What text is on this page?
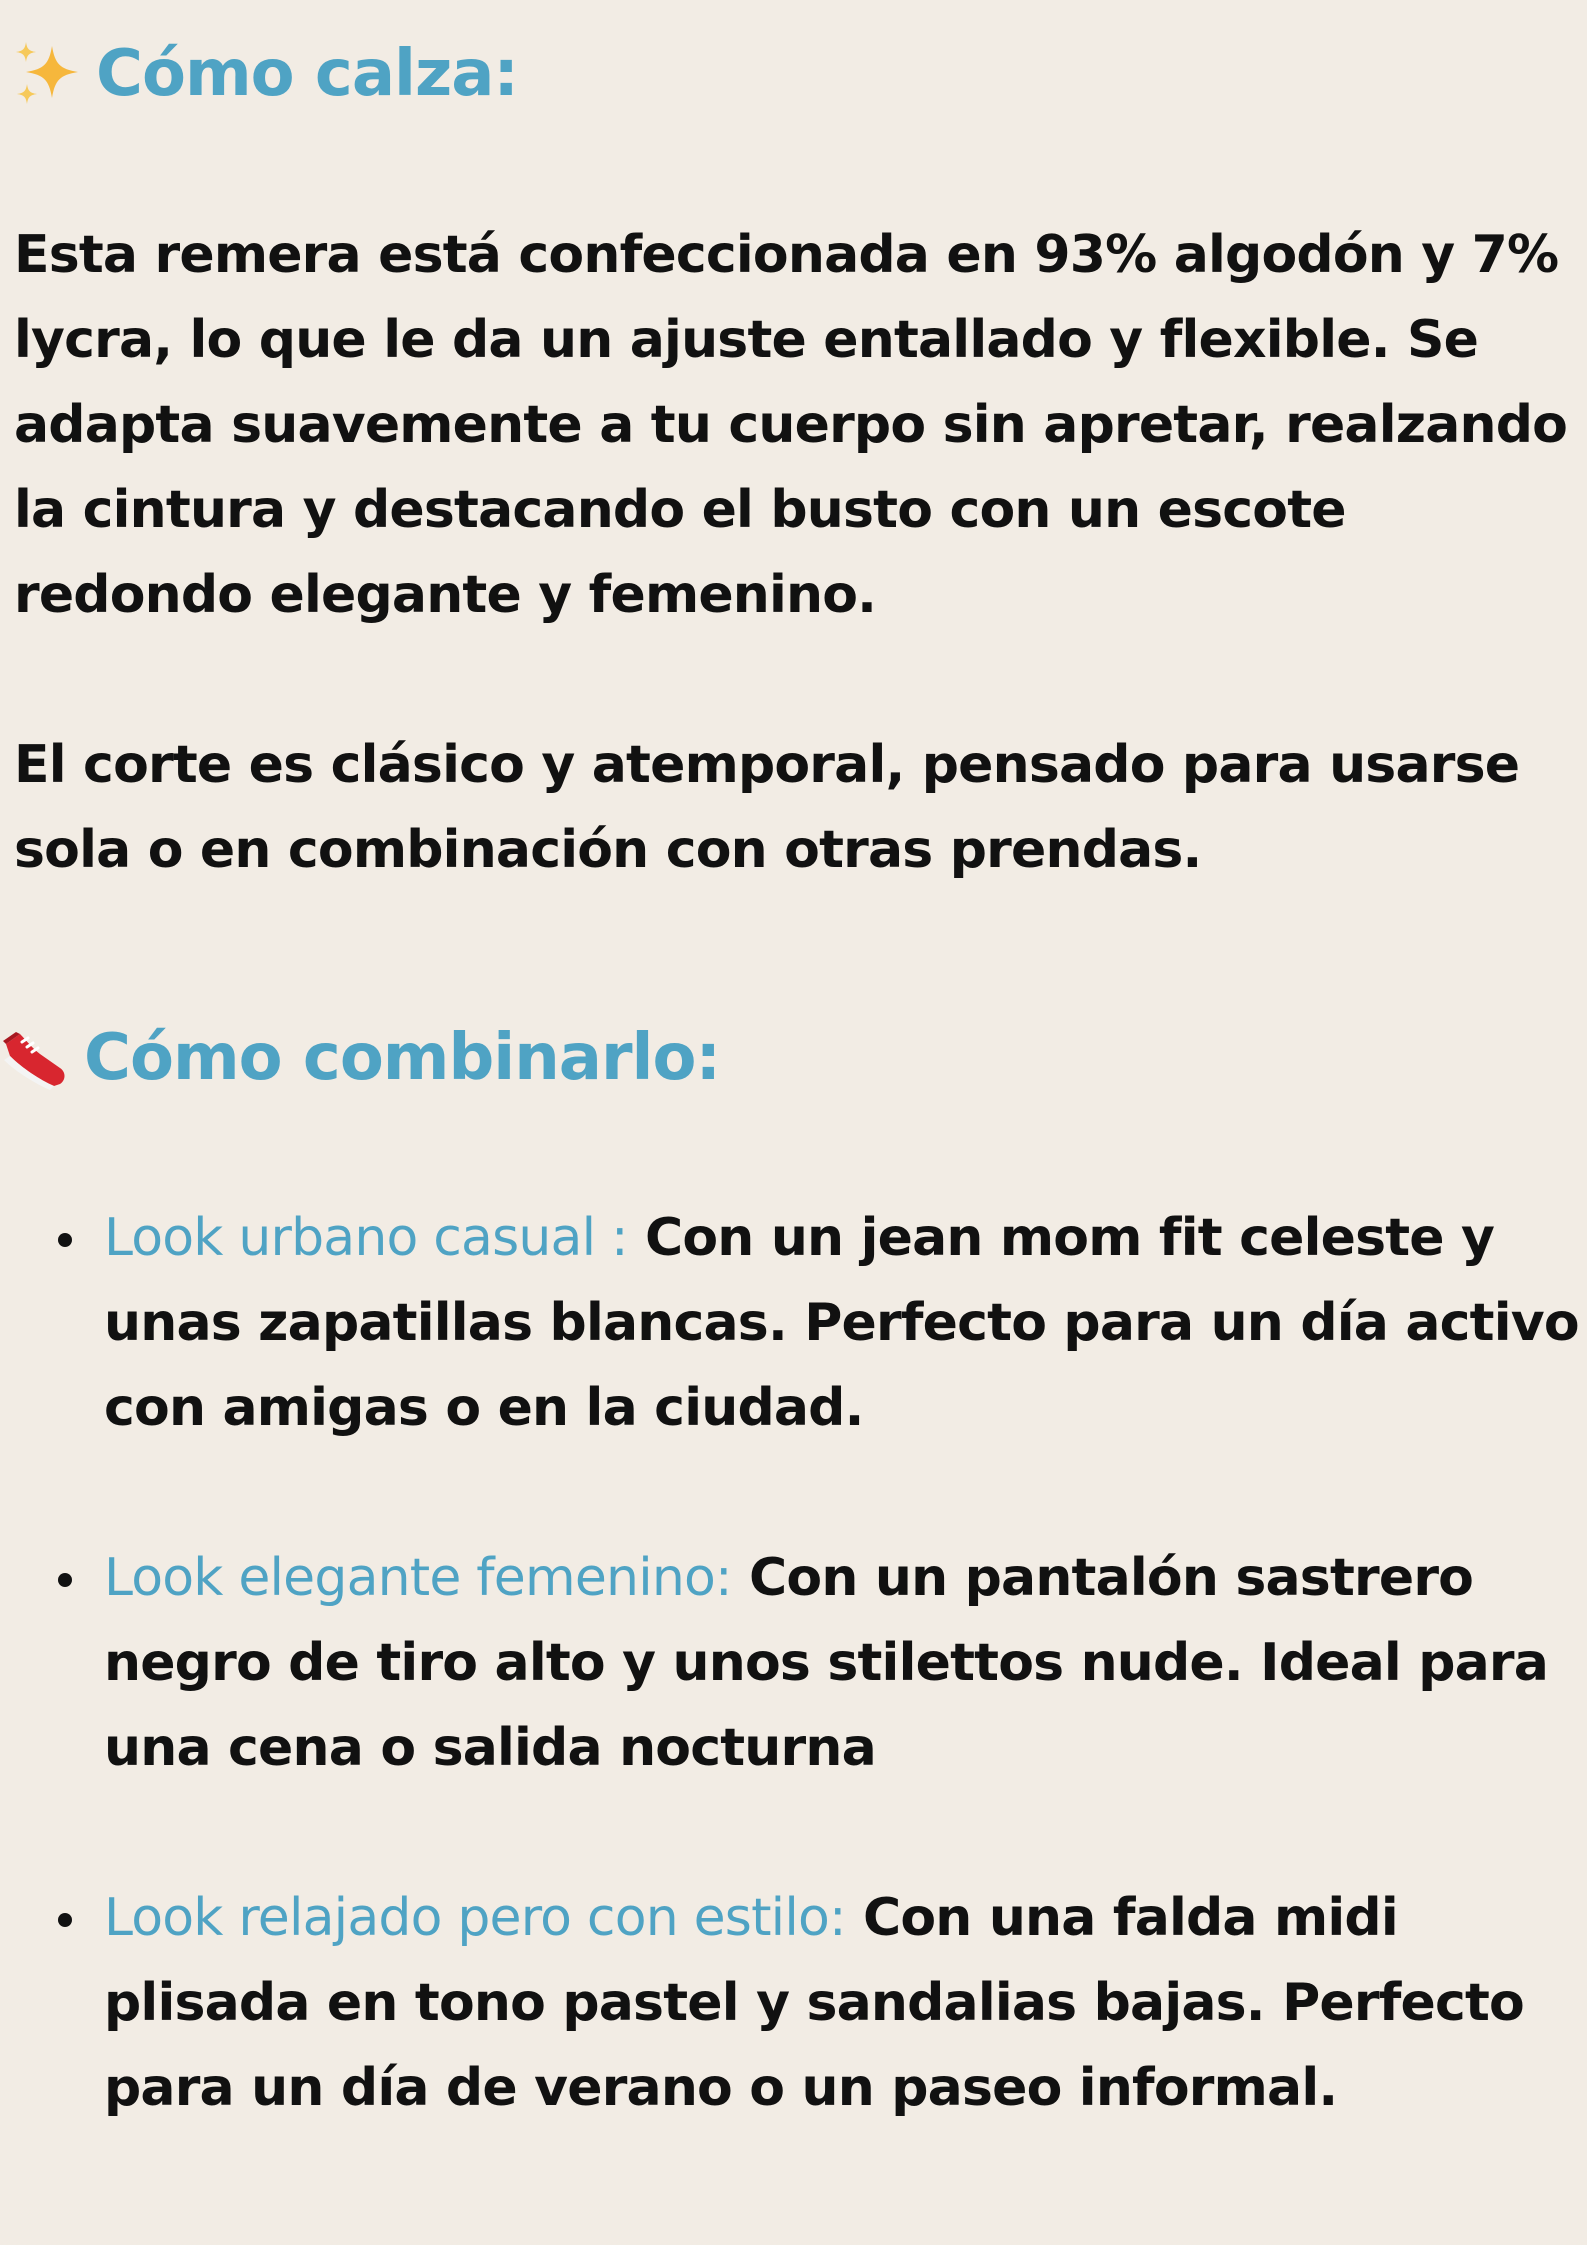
Cómo calza:

Esta remera está confeccionada en 93% algodón y 7% lycra, lo que le da un ajuste entallado y flexible. Se adapta suavemente a tu cuerpo sin apretar, realzando la cintura y destacando el busto con un escote redondo elegante y femenino.

El corte es clásico y atemporal, pensado para usarse sola o en combinación con otras prendas.

Cómo combinarlo:
Look urbano casual : Con un jean mom fit celeste y unas zapatillas blancas. Perfecto para un día activo con amigas o en la ciudad.
Look elegante femenino: Con un pantalón sastrero negro de tiro alto y unos stilettos nude. Ideal para una cena o salida nocturna
Look relajado pero con estilo: Con una falda midi plisada en tono pastel y sandalias bajas. Perfecto para un día de verano o un paseo informal.
